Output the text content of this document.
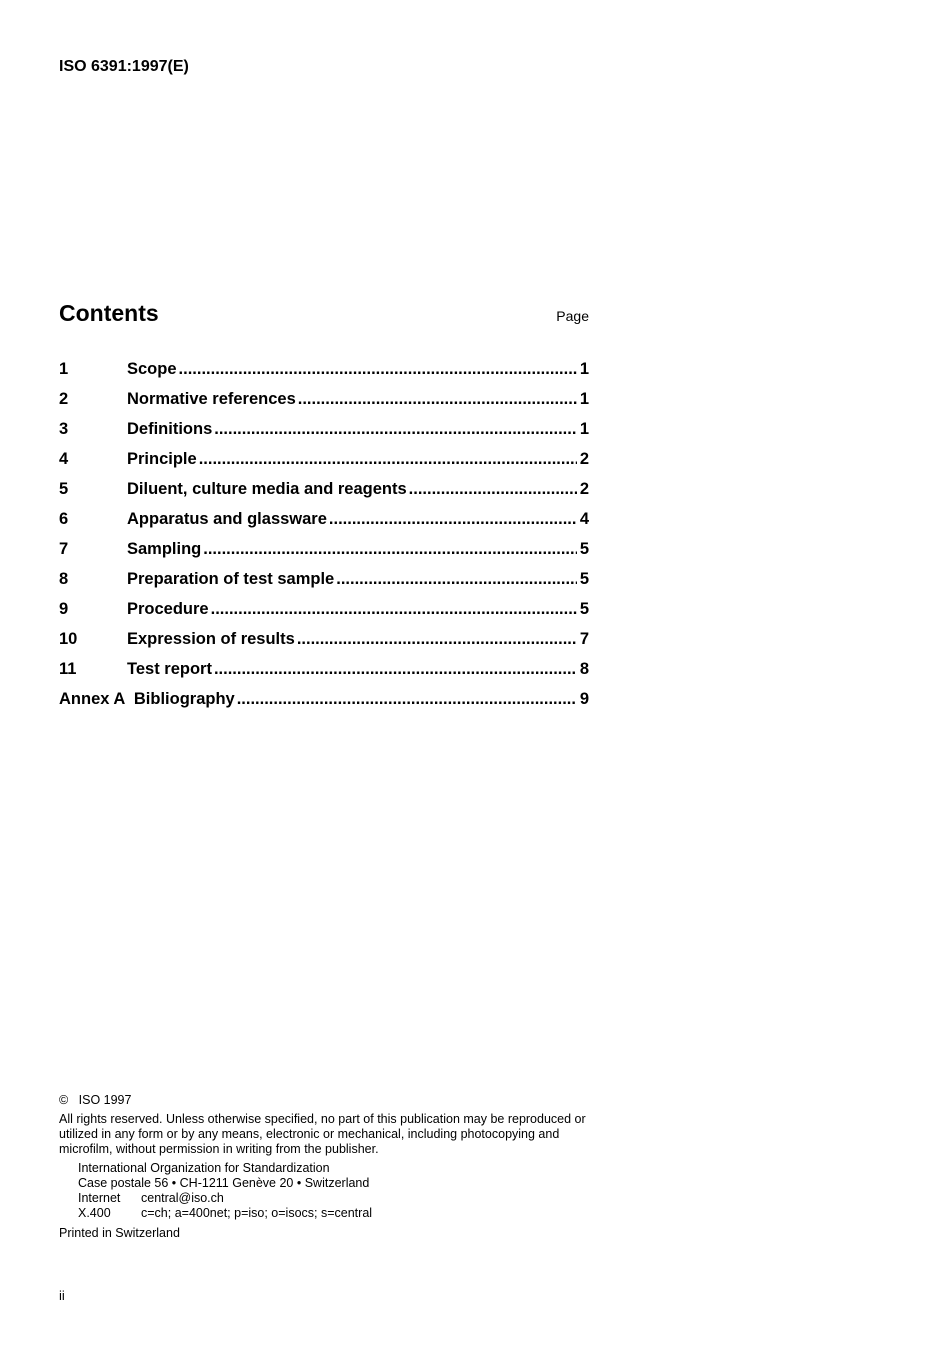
ISO 6391:1997(E)
Contents	Page
1	Scope .....	1
2	Normative references .....	1
3	Definitions .....	1
4	Principle .....	2
5	Diluent, culture media and reagents .....	2
6	Apparatus and glassware .....	4
7	Sampling .....	5
8	Preparation of test sample .....	5
9	Procedure .....	5
10	Expression of results .....	7
11	Test report .....	8
Annex A  Bibliography .....	9
©   ISO 1997
All rights reserved. Unless otherwise specified, no part of this publication may be reproduced or utilized in any form or by any means, electronic or mechanical, including photocopying and microfilm, without permission in writing from the publisher.
International Organization for Standardization
Case postale 56 • CH-1211 Genève 20 • Switzerland
Internet	central@iso.ch
X.400	c=ch; a=400net; p=iso; o=isocs; s=central
Printed in Switzerland
ii
